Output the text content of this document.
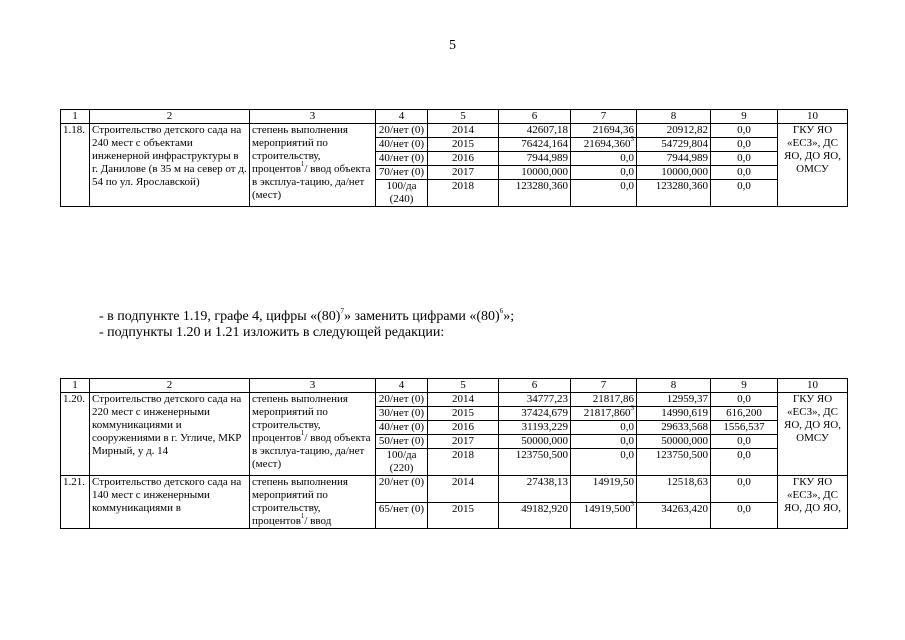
5
1	2	3	4	5	6	7	8	9	10
1.18.	Строительство детского сада на 240 мест с объектами инженерной инфраструктуры в г. Данилове (в 35 м на север от д. 54 по ул. Ярославской)	степень выполнения мероприятий по строительству, процентов$^1$/ ввод объекта в эксплуа-тацию, да/нет (мест)	20/нет (0)	2014	42607,18	21694,36	20912,82	0,0	ГКУ ЯО «ЕСЗ», ДС ЯО, ДО ЯО, ОМСУ
			40/нет (0)	2015	76424,164	21694,360$^3$	54729,804	0,0	
			40/нет (0)	2016	7944,989	0,0	7944,989	0,0	
			70/нет (0)	2017	10000,000	0,0	10000,000	0,0	
			100/да (240)	2018	123280,360	0,0	123280,360	0,0	
- в подпункте 1.19, графе 4, цифры «$(80)^7$» заменить цифрами «$(80)^6$»;
- подпункты 1.20 и 1.21 изложить в следующей редакции:
1	2	3	4	5	6	7	8	9	10
1.20.	Строительство детского сада на 220 мест с инженерными коммуникациями и сооружениями в г. Угличе, МКР Мирный, у д. 14	степень выполнения мероприятий по строительству, процентов$^1$/ ввод объекта в эксплуа-тацию, да/нет (мест)	20/нет (0)	2014	34777,23	21817,86	12959,37	0,0	ГКУ ЯО «ЕСЗ», ДС ЯО, ДО ЯО, ОМСУ
			30/нет (0)	2015	37424,679	21817,860$^3$	14990,619	616,200	
			40/нет (0)	2016	31193,229	0,0	29633,568	1556,537	
			50/нет (0)	2017	50000,000	0,0	50000,000	0,0	
			100/да (220)	2018	123750,500	0,0	123750,500	0,0	
1.21.	Строительство детского сада на 140 мест с инженерными коммуникациями в	степень выполнения мероприятий по строительству, процентов$^1$/ ввод	20/нет (0)	2014	27438,13	14919,50	12518,63	0,0	ГКУ ЯО «ЕСЗ», ДС ЯО, ДО ЯО,
			65/нет (0)	2015	49182,920	14919,500$^3$	34263,420	0,0	
